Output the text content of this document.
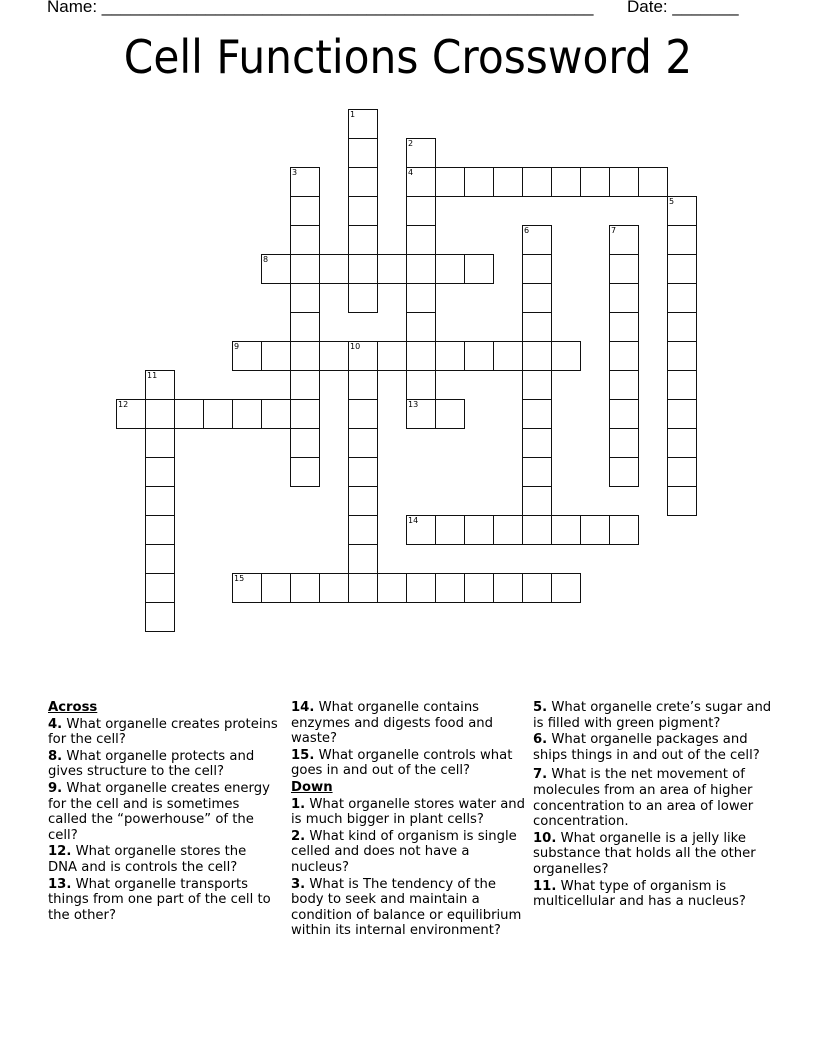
Name: ____________________________________________________ Date: _______
Cell Functions Crossword 2
1
2
4
13
3
5
6	7
8
9	10
11
12
14
15
Across
4. What organelle creates proteins for the cell?
8. What organelle protects and gives structure to the cell?
9. What organelle creates energy for the cell and is sometimes called the “powerhouse” of the cell?
12. What organelle stores the DNA and is controls the cell?
13. What organelle transports things from one part of the cell to the other?
14. What organelle contains enzymes and digests food and waste?
15. What organelle controls what goes in and out of the cell?
Down
1. What organelle stores water and is much bigger in plant cells?
2. What kind of organism is single celled and does not have a nucleus?
3. What is The tendency of the body to seek and maintain a condition of balance or equilibrium within its internal environment?
5. What organelle crete’s sugar and is filled with green pigment?
6. What organelle packages and ships things in and out of the cell?
7. What is the net movement of molecules from an area of higher concentration to an area of lower concentration.
10. What organelle is a jelly like substance that holds all the other organelles?
11. What type of organism is multicellular and has a nucleus?
